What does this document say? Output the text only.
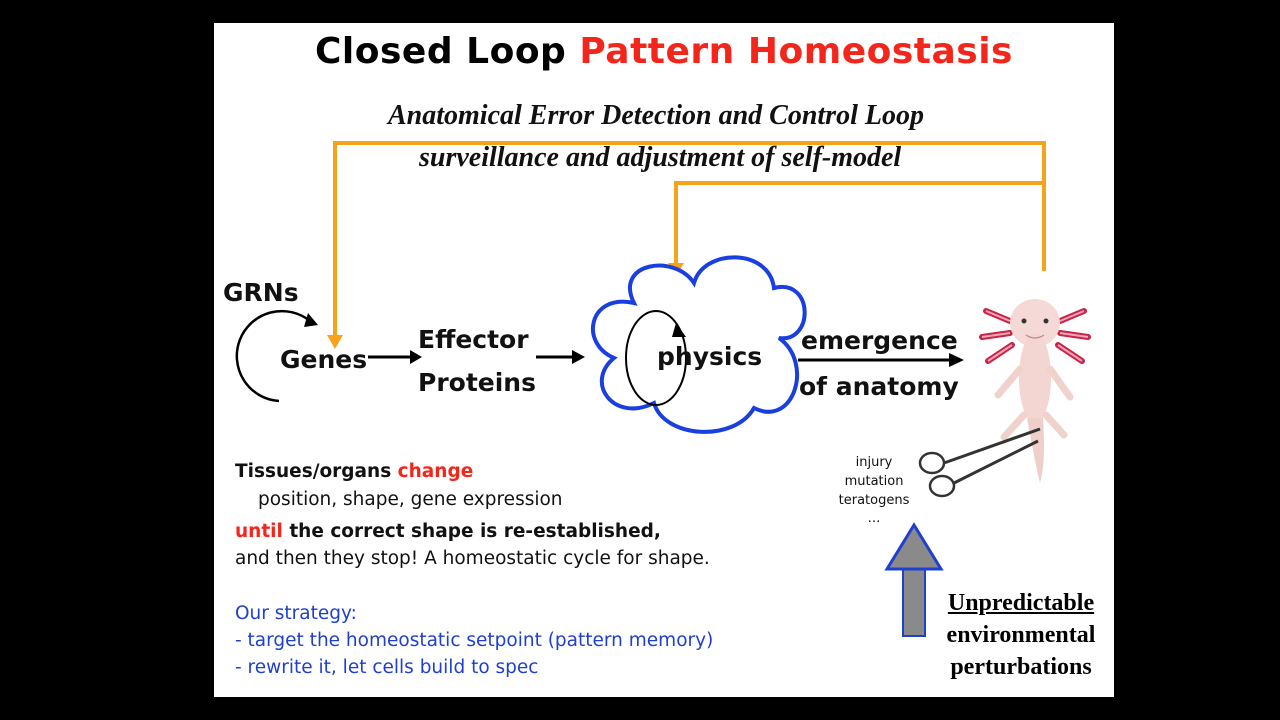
Closed Loop Pattern Homeostasis
Anatomical Error Detection and Control Loop
surveillance and adjustment of self-model
GRNs
Genes
Effector
Proteins
physics
emergence
of anatomy
injury
mutation
teratogens
…
Unpredictable
environmental
perturbations
Tissues/organs change
position, shape, gene expression
until the correct shape is re-established,
and then they stop! A homeostatic cycle for shape.
Our strategy:
- target the homeostatic setpoint (pattern memory)
- rewrite it, let cells build to spec
